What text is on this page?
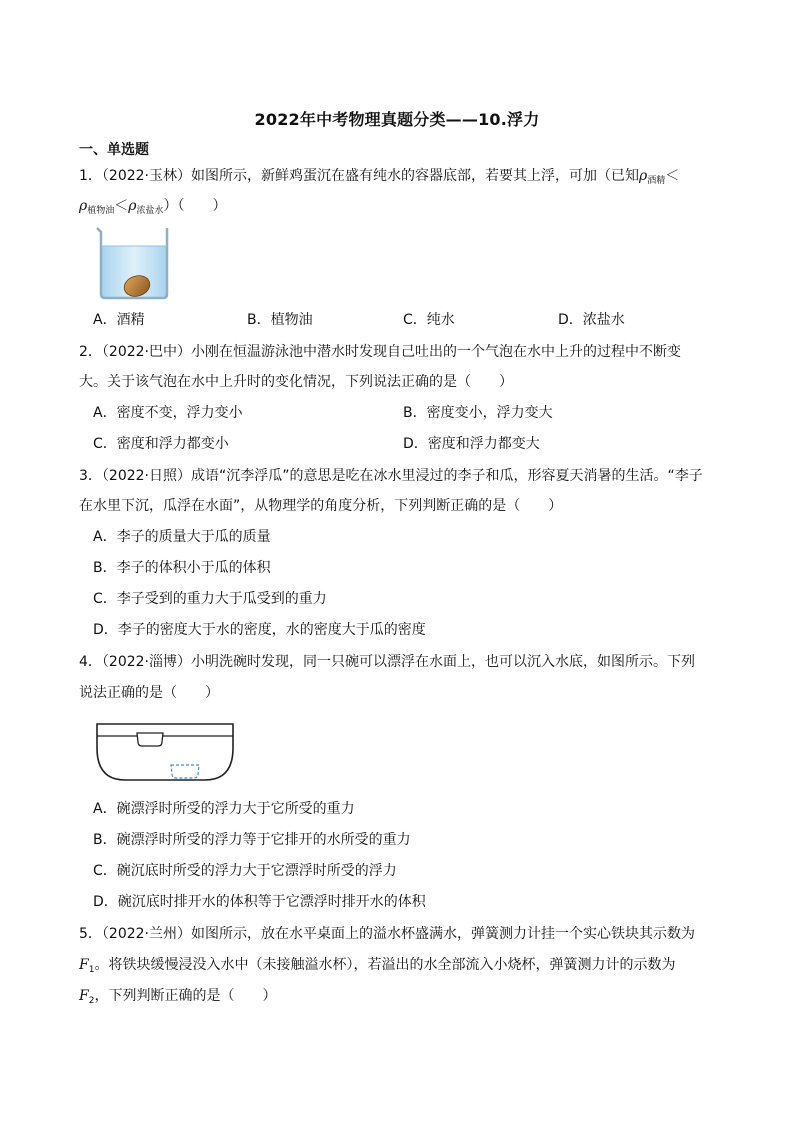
2022年中考物理真题分类——10.浮力
一、单选题
1．（2022·玉林）如图所示，新鲜鸡蛋沉在盛有纯水的容器底部，若要其上浮，可加（已知$\rho_{酒精}<$
$\rho_{植物油}<\rho_{浓盐水}$）（　　）
A．酒精	B．植物油	C．纯水	D．浓盐水
2．（2022·巴中）小刚在恒温游泳池中潜水时发现自己吐出的一个气泡在水中上升的过程中不断变
大。关于该气泡在水中上升时的变化情况，下列说法正确的是（　　）
A．密度不变，浮力变小	B．密度变小，浮力变大
C．密度和浮力都变小	D．密度和浮力都变大
3．（2022·日照）成语“沉李浮瓜”的意思是吃在冰水里浸过的李子和瓜，形容夏天消暑的生活。“李子
在水里下沉，瓜浮在水面”，从物理学的角度分析，下列判断正确的是（　　）
A．李子的质量大于瓜的质量
B．李子的体积小于瓜的体积
C．李子受到的重力大于瓜受到的重力
D．李子的密度大于水的密度，水的密度大于瓜的密度
4．（2022·淄博）小明洗碗时发现，同一只碗可以漂浮在水面上，也可以沉入水底，如图所示。下列
说法正确的是（　　）
A．碗漂浮时所受的浮力大于它所受的重力
B．碗漂浮时所受的浮力等于它排开的水所受的重力
C．碗沉底时所受的浮力大于它漂浮时所受的浮力
D．碗沉底时排开水的体积等于它漂浮时排开水的体积
5．（2022·兰州）如图所示，放在水平桌面上的溢水杯盛满水，弹簧测力计挂一个实心铁块其示数为
$F_1$。将铁块缓慢浸没入水中（未接触溢水杯），若溢出的水全部流入小烧杯，弹簧测力计的示数为
$F_2$，下列判断正确的是（　　）
